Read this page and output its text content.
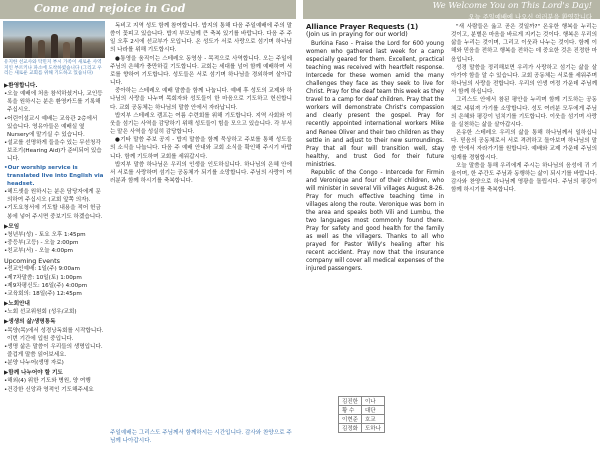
Come and rejoice in God	We Welcome You on This Lord's Day!
오늘 주일예배에 나오신 여러분을 환영합니다
유지한 선교사와 탁민지 부시 가족이 새로운 사역지인 부르키나 파소에 도착하였습니다 (그리고 우리는 새로운 교회를 위해 기도하고 있습니다)
▶환영합니다.
•오늘 예배에 처음 참석하셨거나, 교인등록을 원하시는 분은 환영카드를 기록해 주십시오.
•어린이설교시 예배는 교육관 2층에서 있습니다. 영유아들은 예배실 옆 Nursery에 맡기실 수 있습니다.
•설교를 선명하게 들을수 있는 무선청각보조기(Hearing Aid)가 준비되어 있습니다.
•Our worship service is translated live into English via headset.
•헤드셋을 원하시는 분은 담당자에게 문의하여 주십시오 (교회 앞쪽 의자).
•기도요청서에 기도할 내용을 적어 헌금봉에 넣어 주시면 중보기도 하겠습니다.
▶모임
•청년부(성) - 토요 오후 1:45pm
•중등부(고등) - 오늘 2:00pm
•친교부(서) - 오늘 4:00pm
Upcoming Events
•전교인예배: 1일(주) 9:00am
•제7차말씀: 10일(토) 1:00pm
•제9차평신도: 16일(주) 4:00pm
•교육회의: 18일(주) 12:45pm
▶노회안내
•노회 선교위원회 (성우/교회)
▶생생의 삶/생명통독
•목양(목)에서 성경낭독회를 시작합니다. 이번 기간에 입원 중입니다.
•생명 삶은 말씀이 우리들의 생명입니다. 즐겁게 말씀 읽어보세요.
•분양 나누어(생명 자료)
▶함께 나누어야 할 기도
•해외(4) 위한 기도와 병원, 양 여행
•건강한 신앙과 영적인 기도해주세요

독비고 지역 성도 함께 참여합니다. 밥지의 통해 다음 주일예배에 주의 말씀이 꽃피고 있습니다. 밥지 부모님께 큰 축복 있기를 바랍니다. 다음 주 주일 오후 2시에 선교부가 모입니다. 온 성도가 서로 사랑으로 섬기며 하나님의 나라를 위해 기도합시다.

●통영을 움직이는 스테레오 동영상 - 목적으로 사역합니다. 오는 주일에 주님의 은혜가 충만하길 기도합니다. 교회는 세대를 넘어 함께 예배하며 서로를 향하여 기도합니다. 성도들은 서로 섬기며 하나님을 경외하며 살아갑니다.

중아하는 스테레오 예배 말씀을 함께 나눕니다. 예배 후 성도의 교제와 하나님의 사랑을 나누며 목회자와 성도들이 한 마음으로 기도하고 헌신합니다. 교회 공동체는 하나님의 말씀 안에서 자라납니다.

밥지부 스테레오 캠프는 여름 수련회를 위해 기도합니다. 지역 사회와 이웃을 섬기는 사역을 감당하기 위해 성도들이 힘을 모으고 있습니다. 각 부서는 맡은 사역을 성실히 감당합니다.

●기타 말씀 주보 공지 - 밥지 말씀을 함께 묵상하고 주보를 통해 성도들의 소식을 나눕니다. 다음 주 예배 안내와 교회 소식을 확인해 주시기 바랍니다. 함께 기도하며 교회를 세워갑시다.

밥지부 말씀 하나님은 우리의 인생을 인도하십니다. 하나님의 은혜 안에서 서로를 사랑하며 섬기는 공동체가 되기를 소망합니다. 주님의 사랑이 여러분과 함께 하시기를 축복합니다.

주일예배는 그리스도 주님께서 함께하시는 시간입니다. 감사와 찬양으로 주님께 나아갑시다.
Alliance Prayer Requests (1)
(Join us in praying for our world)

Burkina Faso - Praise the Lord for 600 young women who gathered last week for a camp especially geared for them. Excellent, practical teaching was received with heartfelt response. Intercede for these women amid the many challenges they face as they seek to live for Christ. Pray for the deaf team this week as they travel to a camp for deaf children. Pray that the workers will demonstrate Christ's compassion and clearly present the gospel. Pray for recently appointed international workers Mike and Renee Oliver and their two children as they settle in and adjust to their new surroundings. Pray that all four will transition well, stay healthy, and trust God for their future ministries.

Republic of the Congo - Intercede for Firmin and Veronique and four of their children, who will minister in several Vili villages August 8-26. Pray for much effective teaching time in villages along the route. Veronique was born in the area and speaks both Vili and Lumbu, the two languages most commonly found there. Pray for safety and good health for the family as well as the villagers. Thanks to all who prayed for Pastor Willy's healing after his recent accident. Pray now that the insurance company will cover all medical expenses of the injured passengers.

김진한	이나
황 수	대단
이현준	호교
김정화	도하나

"새 사람들은 옳고 곧은 것일까?" 온유한 행복을 누리는 것이고, 분별은 마음을 바르게 지키는 것이다. 행복은 우리의 삶을 누리는 것이며, 그리고 이웃과 나누는 것이다. 함께 이해와 믿음을 전하고 행복을 전하는 데 중요한 것은 진정한 마음입니다.

성경 말씀을 정리해보면 우리가 사랑하고 섬기는 삶을 살아가야 함을 알 수 있습니다. 교회 공동체는 서로를 세워주며 하나님의 사랑을 전합니다. 우리의 인생 여정 가운데 주님께서 함께 하십니다.

그리스도 안에서 참된 평안을 누리며 함께 기도하는 공동체로 세워져 가기를 소망합니다. 성도 여러분 모두에게 주님의 은혜와 평강이 넘치기를 기도합니다. 이웃을 섬기며 사랑을 실천하는 삶을 살아갑시다.

온유한 스테레오 우리의 삶을 통해 하나님께서 일하십니다. 믿음의 공동체로서 서로 격려하고 돌아보며 하나님의 말씀 안에서 자라가기를 원합니다. 예배와 교제 가운데 주님의 임재를 경험합시다.

오늘 말씀을 통해 우리에게 주시는 하나님의 음성에 귀 기울이며, 한 주간도 주님과 동행하는 삶이 되시기를 바랍니다. 감사와 찬양으로 하나님께 영광을 돌립시다. 주님의 평강이 함께 하시기를 축복합니다.
